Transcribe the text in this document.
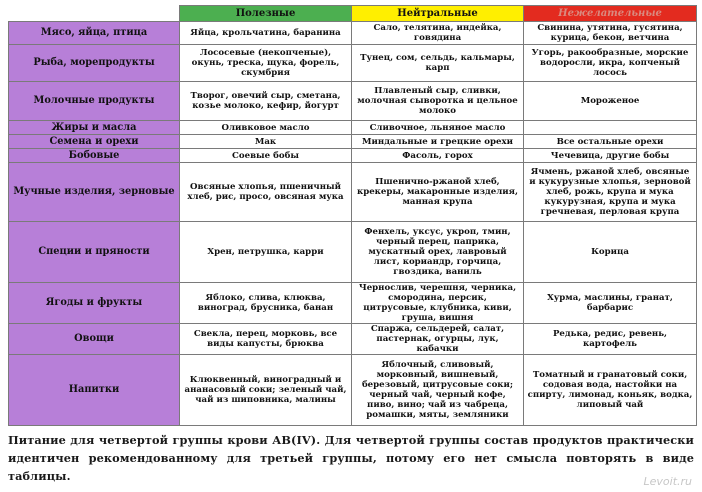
	Полезные	Нейтральные	Нежелательные
Мясо, яйца, птица	Яйца, крольчатина, баранина	Сало, телятина, индейка, говядина	Свинина, утятина, гусятина, курица, бекон, ветчина
Рыба, морепродукты	Лососевые (некопченые), окунь, треска, щука, форель, скумбрия	Тунец, сом, сельдь, кальмары, карп	Угорь, ракообразные, морские водоросли, икра, копченый лосось
Молочные продукты	Творог, овечий сыр, сметана, козье молоко, кефир, йогурт	Плавленый сыр, сливки, молочная сыворотка и цельное молоко	Мороженое
Жиры и масла	Оливковое масло	Сливочное, льняное масло	
Семена и орехи	Мак	Миндальные и грецкие орехи	Все остальные орехи
Бобовые	Соевые бобы	Фасоль, горох	Чечевица, другие бобы
Мучные изделия, зерновые	Овсяные хлопья, пшеничный хлеб, рис, просо, овсяная мука	Пшенично-ржаной хлеб, крекеры, макаронные изделия, манная крупа	Ячмень, ржаной хлеб, овсяные и кукурузные хлопья, зерновой хлеб, рожь, крупа и мука кукурузная, крупа и мука гречневая, перловая крупа
Специи и пряности	Хрен, петрушка, карри	Фенхель, уксус, укроп, тмин, черный перец, паприка, мускатный орех, лавровый лист, кориандр, горчица, гвоздика, ваниль	Корица
Ягоды и фрукты	Яблоко, слива, клюква, виноград, брусника, банан	Чернослив, черешня, черника, смородина, персик, цитрусовые, клубника, киви, груша, вишня	Хурма, маслины, гранат, барбарис
Овощи	Свекла, перец, морковь, все виды капусты, брюква	Спаржа, сельдерей, салат, пастернак, огурцы, лук, кабачки	Редька, редис, ревень, картофель
Напитки	Клюквенный, виноградный и ананасовый соки; зеленый чай, чай из шиповника, малины	Яблочный, сливовый, морковный, вишневый, березовый, цитрусовые соки; черный чай, черный кофе, пиво, вино; чай из чабреца, ромашки, мяты, земляники	Томатный и гранатовый соки, содовая вода, настойки на спирту, лимонад, коньяк, водка, липовый чай
Питание для четвертой группы крови АВ(IV). Для четвертой группы состав продуктов практически идентичен рекомендованному для третьей группы, потому его нет смысла повторять в виде таблицы.	Levoit.ru
